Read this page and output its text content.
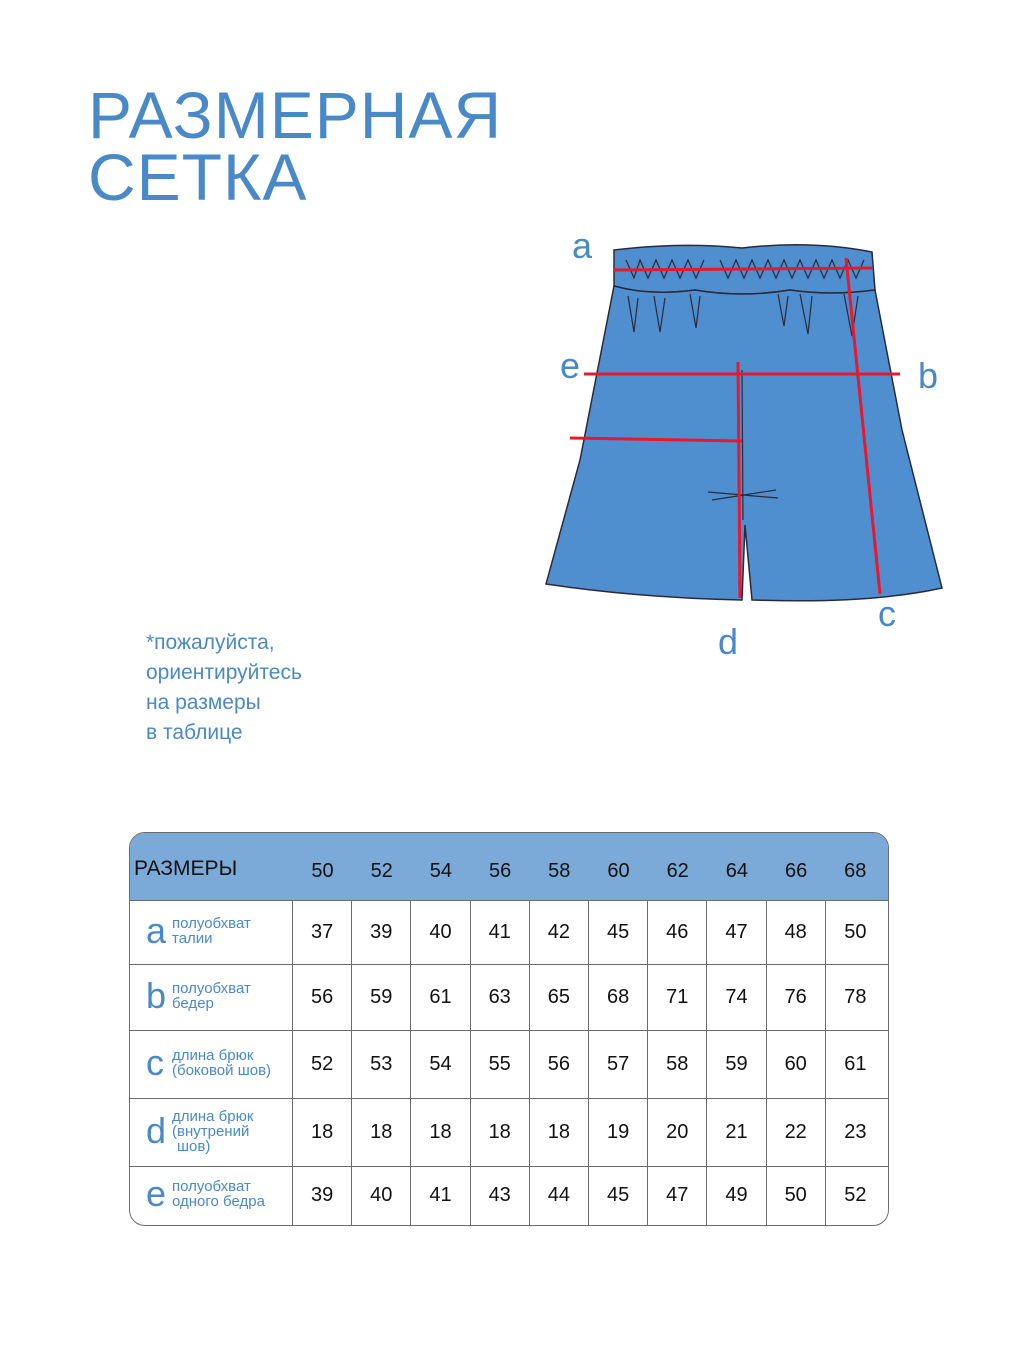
РАЗМЕРНАЯ
СЕТКА
*пожалуйста,
ориентируйтесь
на размеры
в таблице
a
b
c
d
e
РАЗМЕРЫ	50	52	54	56	58	60	62	64	66	68
a полуобхват
талии	37	39	40	41	42	45	46	47	48	50
b полуобхват
бедер	56	59	61	63	65	68	71	74	76	78
c длина брюк
(боковой шов)	52	53	54	55	56	57	58	59	60	61
d длина брюк
(внутрений
шов)
18	18	18	18	18	19	20	21	22	23
e полуобхват
одного бедра	39	40	41	43	44	45	47	49	50	52
